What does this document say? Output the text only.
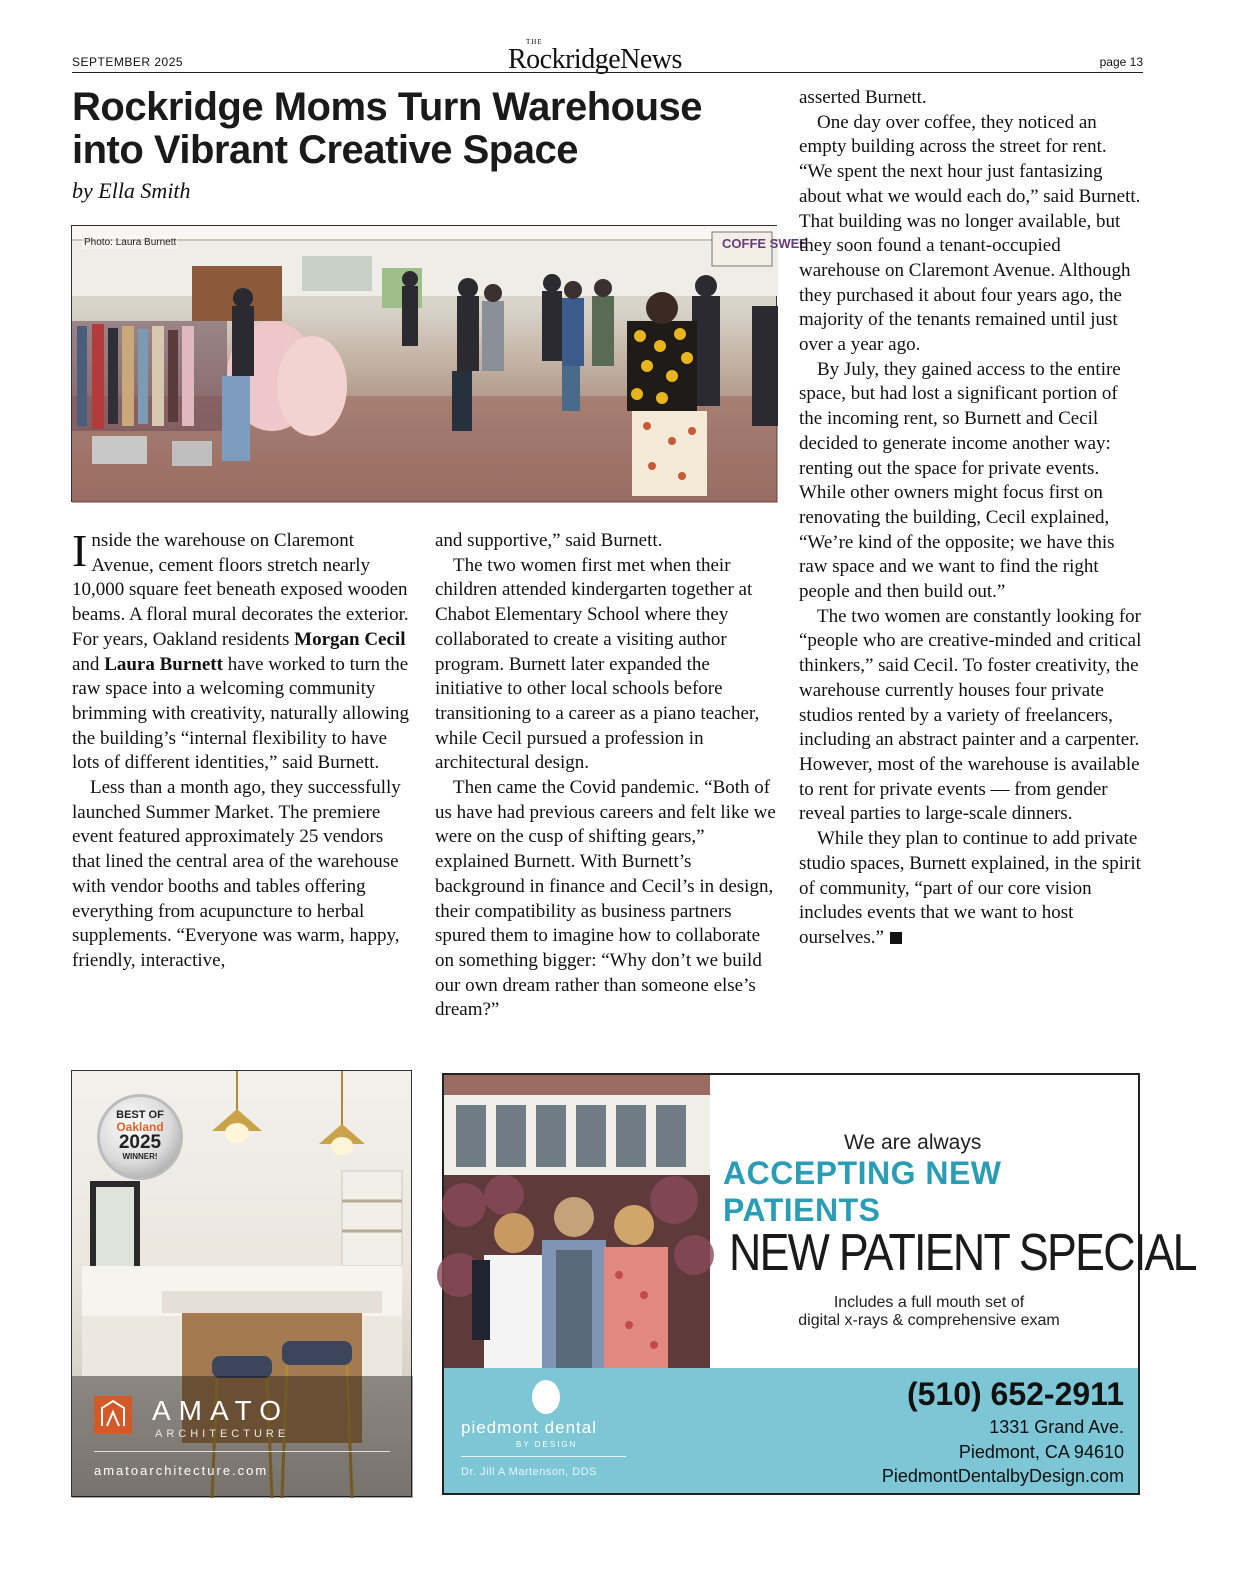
SEPTEMBER 2025
THE
RockridgeNews	page 13
Rockridge Moms Turn Warehouse into Vibrant Creative Space
by Ella Smith
COFFE SWEE
Photo: Laura Burnett

Inside the warehouse on Claremont Avenue, cement floors stretch nearly 10,000 square feet beneath exposed wooden beams. A floral mural decorates the exterior. For years, Oakland residents Morgan Cecil and Laura Burnett have worked to turn the raw space into a welcoming community brimming with creativity, naturally allowing the building’s “internal flexibility to have lots of different identities,” said Burnett.

Less than a month ago, they successfully launched Summer Market. The premiere event featured approximately 25 vendors that lined the central area of the warehouse with vendor booths and tables offering everything from acupuncture to herbal supplements. “Everyone was warm, happy, friendly, interactive,

and supportive,” said Burnett.

The two women first met when their children attended kindergarten together at Chabot Elementary School where they collaborated to create a visiting author program. Burnett later expanded the initiative to other local schools before transitioning to a career as a piano teacher, while Cecil pursued a profession in architectural design.

Then came the Covid pandemic. “Both of us have had previous careers and felt like we were on the cusp of shifting gears,” explained Burnett. With Burnett’s background in finance and Cecil’s in design, their compatibility as business partners spured them to imagine how to collaborate on something bigger: “Why don’t we build our own dream rather than someone else’s dream?”

asserted Burnett.

One day over coffee, they noticed an empty building across the street for rent. “We spent the next hour just fantasizing about what we would each do,” said Burnett. That building was no longer available, but they soon found a tenant-occupied warehouse on Claremont Avenue. Although they purchased it about four years ago, the majority of the tenants remained until just over a year ago.

By July, they gained access to the entire space, but had lost a significant portion of the incoming rent, so Burnett and Cecil decided to generate income another way: renting out the space for private events. While other owners might focus first on renovating the building, Cecil explained, “We’re kind of the opposite; we have this raw space and we want to find the right people and then build out.”

The two women are constantly looking for “people who are creative-minded and critical thinkers,” said Cecil. To foster creativity, the warehouse currently houses four private studios rented by a variety of freelancers, including an abstract painter and a carpenter. However, most of the warehouse is available to rent for private events — from gender reveal parties to large-scale dinners.

While they plan to continue to add private studio spaces, Burnett explained, in the spirit of community, “part of our core vision includes events that we want to host ourselves.”

BEST OF
Oakland
2025
WINNER!
AMATO
ARCHITECTURE
amatoarchitecture.com
We are always
ACCEPTING NEW PATIENTS
NEW PATIENT SPECIAL
Includes a full mouth set of
digital x-rays & comprehensive exam
piedmont dental
BY DESIGN
Dr. Jill A Martenson, DDS
(510) 652-2911
1331 Grand Ave.
Piedmont, CA 94610
PiedmontDentalbyDesign.com
